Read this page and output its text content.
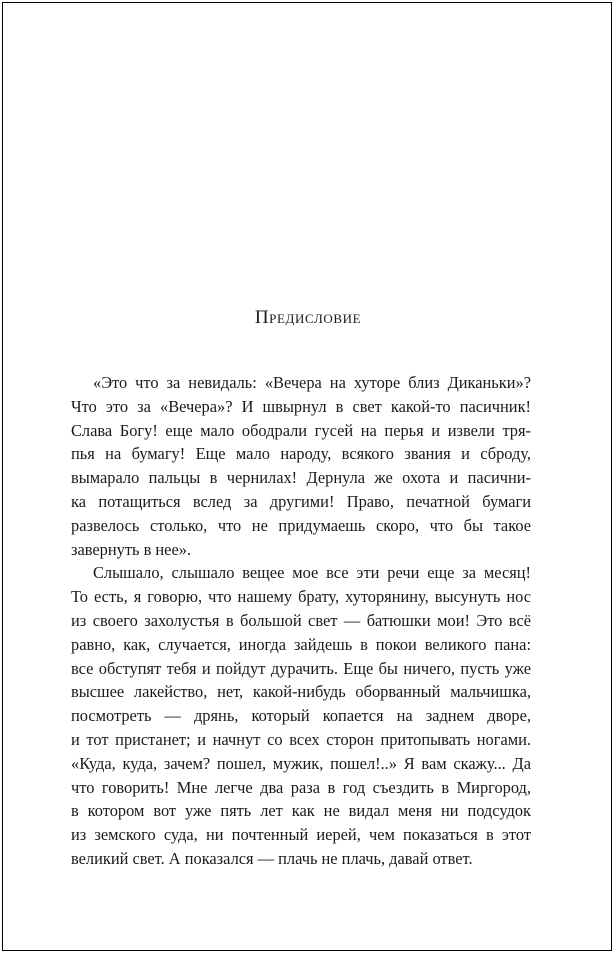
Предисловие
«Это что за невидаль: «Вечера на хуторе близ Диканьки»?
Что это за «Вечера»? И швырнул в свет какой-то пасичник!
Слава Богу! еще мало ободрали гусей на перья и извели тря-
пья на бумагу! Еще мало народу, всякого звания и сброду,
вымарало пальцы в чернилах! Дернула же охота и пасични-
ка потащиться вслед за другими! Право, печатной бумаги
развелось столько, что не придумаешь скоро, что бы такое
завернуть в нее».
Слышало, слышало вещее мое все эти речи еще за месяц!
То есть, я говорю, что нашему брату, хуторянину, высунуть нос
из своего захолустья в большой свет — батюшки мои! Это всё
равно, как, случается, иногда зайдешь в покои великого пана:
все обступят тебя и пойдут дурачить. Еще бы ничего, пусть уже
высшее лакейство, нет, какой-нибудь оборванный мальчишка,
посмотреть — дрянь, который копается на заднем дворе,
и тот пристанет; и начнут со всех сторон притопывать ногами.
«Куда, куда, зачем? пошел, мужик, пошел!..» Я вам скажу... Да
что говорить! Мне легче два раза в год съездить в Миргород,
в котором вот уже пять лет как не видал меня ни подсудок
из земского суда, ни почтенный иерей, чем показаться в этот
великий свет. А показался — плачь не плачь, давай ответ.
